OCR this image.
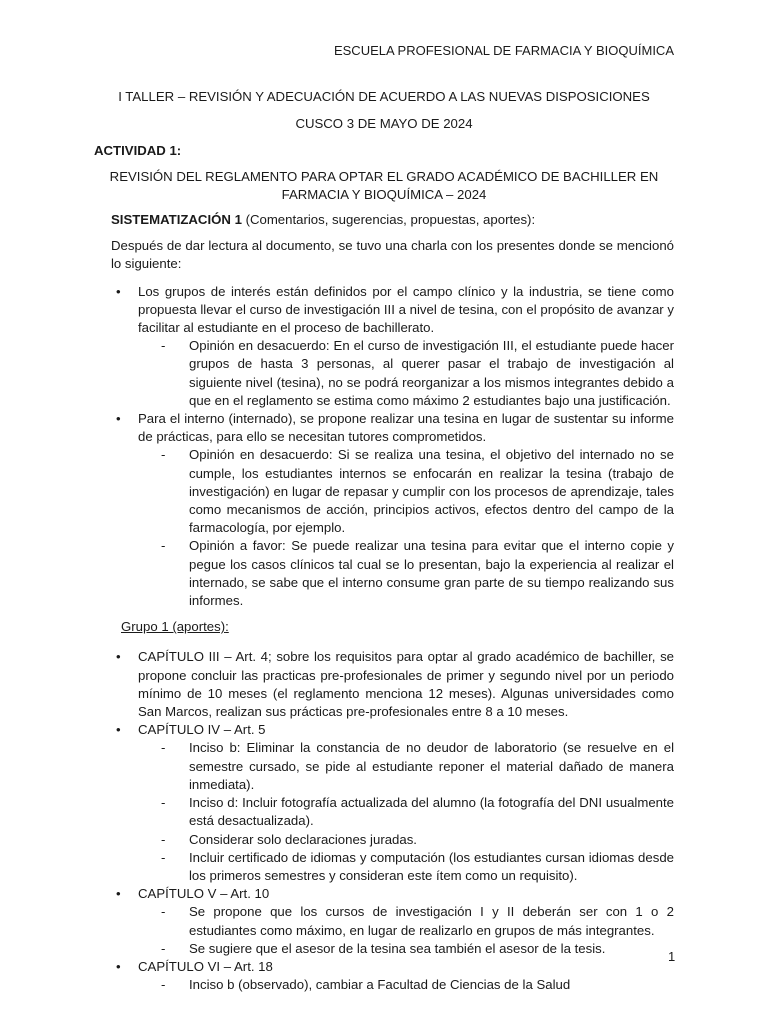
ESCUELA PROFESIONAL DE FARMACIA Y BIOQUÍMICA
I TALLER – REVISIÓN Y ADECUACIÓN DE ACUERDO A LAS NUEVAS DISPOSICIONES
CUSCO 3 DE MAYO DE 2024
ACTIVIDAD 1:
REVISIÓN DEL REGLAMENTO PARA OPTAR EL GRADO ACADÉMICO DE BACHILLER EN FARMACIA Y BIOQUÍMICA – 2024

SISTEMATIZACIÓN 1 (Comentarios, sugerencias, propuestas, aportes):

Después de dar lectura al documento, se tuvo una charla con los presentes donde se mencionó lo siguiente:

• Los grupos de interés están definidos por el campo clínico y la industria, se tiene como propuesta llevar el curso de investigación III a nivel de tesina, con el propósito de avanzar y facilitar al estudiante en el proceso de bachillerato.
- Opinión en desacuerdo: En el curso de investigación III, el estudiante puede hacer grupos de hasta 3 personas, al querer pasar el trabajo de investigación al siguiente nivel (tesina), no se podrá reorganizar a los mismos integrantes debido a que en el reglamento se estima como máximo 2 estudiantes bajo una justificación.
• Para el interno (internado), se propone realizar una tesina en lugar de sustentar su informe de prácticas, para ello se necesitan tutores comprometidos.
- Opinión en desacuerdo: Si se realiza una tesina, el objetivo del internado no se cumple, los estudiantes internos se enfocarán en realizar la tesina (trabajo de investigación) en lugar de repasar y cumplir con los procesos de aprendizaje, tales como mecanismos de acción, principios activos, efectos dentro del campo de la farmacología, por ejemplo.
- Opinión a favor: Se puede realizar una tesina para evitar que el interno copie y pegue los casos clínicos tal cual se lo presentan, bajo la experiencia al realizar el internado, se sabe que el interno consume gran parte de su tiempo realizando sus informes.

Grupo 1 (aportes):

• CAPÍTULO III – Art. 4; sobre los requisitos para optar al grado académico de bachiller, se propone concluir las practicas pre-profesionales de primer y segundo nivel por un periodo mínimo de 10 meses (el reglamento menciona 12 meses). Algunas universidades como San Marcos, realizan sus prácticas pre-profesionales entre 8 a 10 meses.
• CAPÍTULO IV – Art. 5
- Inciso b: Eliminar la constancia de no deudor de laboratorio (se resuelve en el semestre cursado, se pide al estudiante reponer el material dañado de manera inmediata).
- Inciso d: Incluir fotografía actualizada del alumno (la fotografía del DNI usualmente está desactualizada).
- Considerar solo declaraciones juradas.
- Incluir certificado de idiomas y computación (los estudiantes cursan idiomas desde los primeros semestres y consideran este ítem como un requisito).
• CAPÍTULO V – Art. 10
- Se propone que los cursos de investigación I y II deberán ser con 1 o 2 estudiantes como máximo, en lugar de realizarlo en grupos de más integrantes.
- Se sugiere que el asesor de la tesina sea también el asesor de la tesis.
• CAPÍTULO VI – Art. 18
- Inciso b (observado), cambiar a Facultad de Ciencias de la Salud
1
